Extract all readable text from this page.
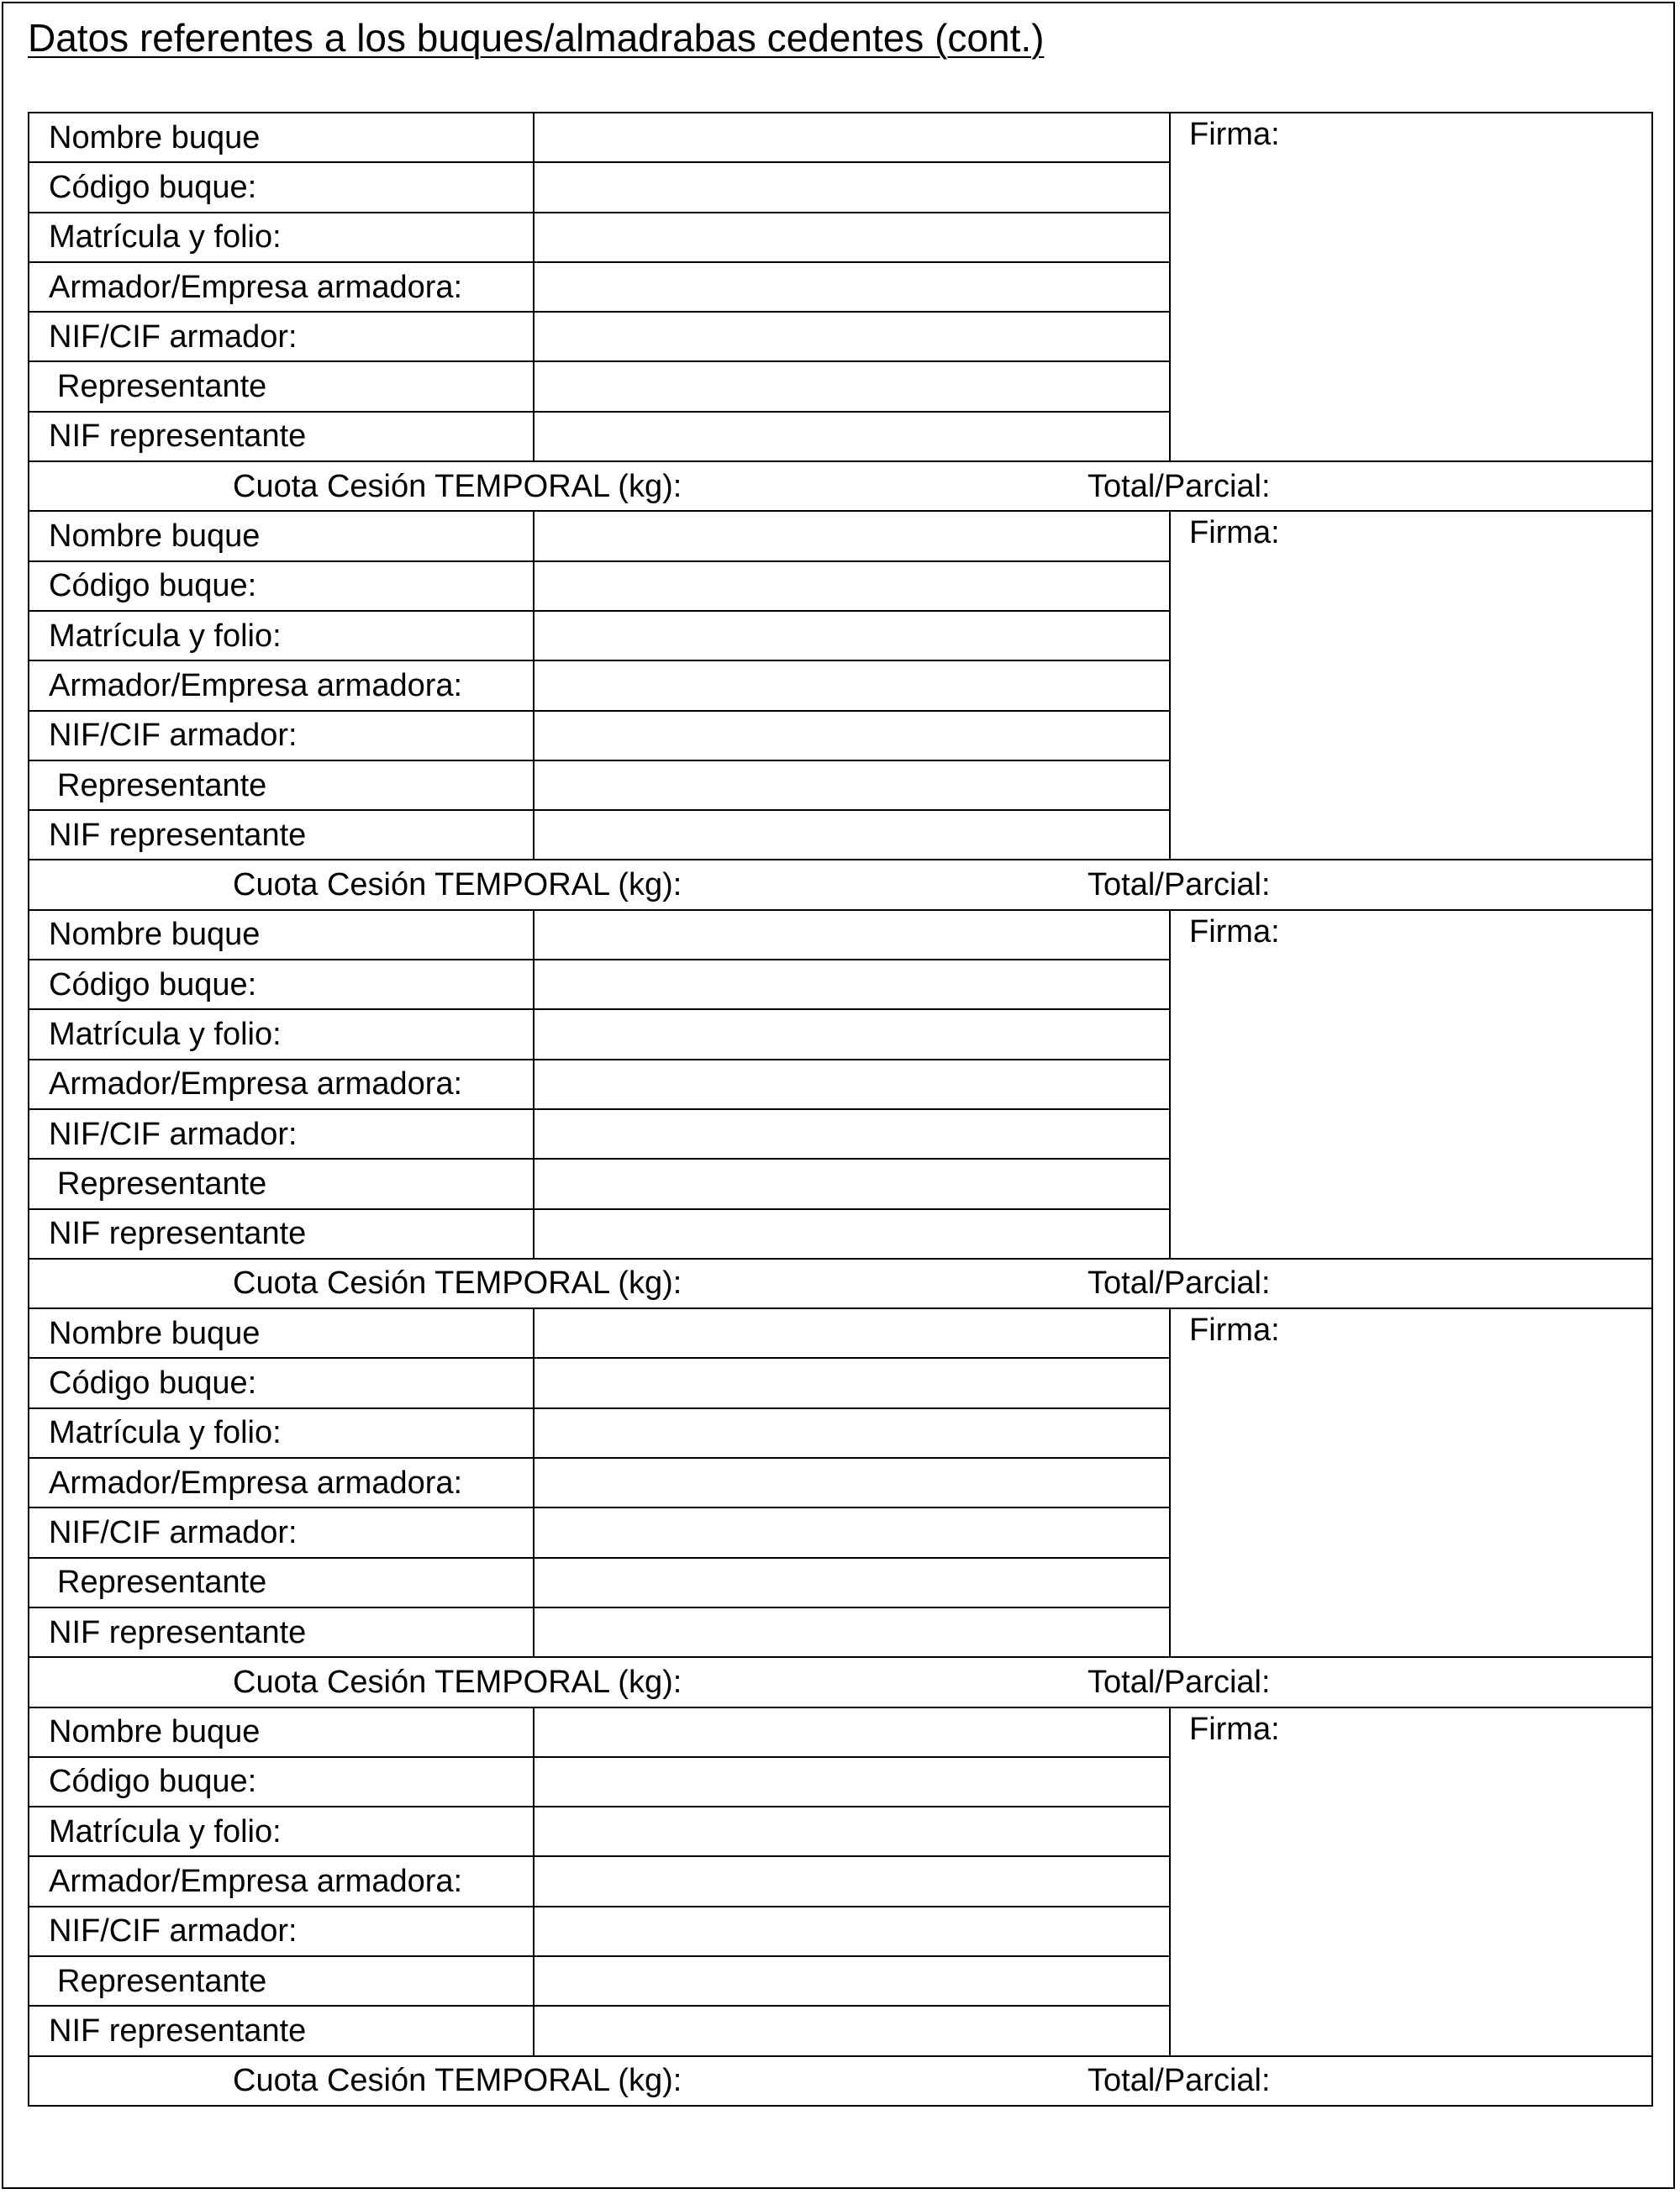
Datos referentes a los buques/almadrabas cedentes (cont.)
Nombre buque		Firma:
Código buque:		
Matrícula y folio:		
Armador/Empresa armadora:		
NIF/CIF armador:		
Representante		
NIF representante		

Cuota Cesión TEMPORAL (kg): Total/Parcial:		

Nombre buque		Firma:
Código buque:		
Matrícula y folio:		
Armador/Empresa armadora:		
NIF/CIF armador:		
Representante		
NIF representante		

Cuota Cesión TEMPORAL (kg): Total/Parcial:		

Nombre buque		Firma:
Código buque:		
Matrícula y folio:		
Armador/Empresa armadora:		
NIF/CIF armador:		
Representante		
NIF representante		

Cuota Cesión TEMPORAL (kg): Total/Parcial:		

Nombre buque		Firma:
Código buque:		
Matrícula y folio:		
Armador/Empresa armadora:		
NIF/CIF armador:		
Representante		
NIF representante		

Cuota Cesión TEMPORAL (kg): Total/Parcial:		

Nombre buque		Firma:
Código buque:		
Matrícula y folio:		
Armador/Empresa armadora:		
NIF/CIF armador:		
Representante		
NIF representante		

Cuota Cesión TEMPORAL (kg): Total/Parcial:		
